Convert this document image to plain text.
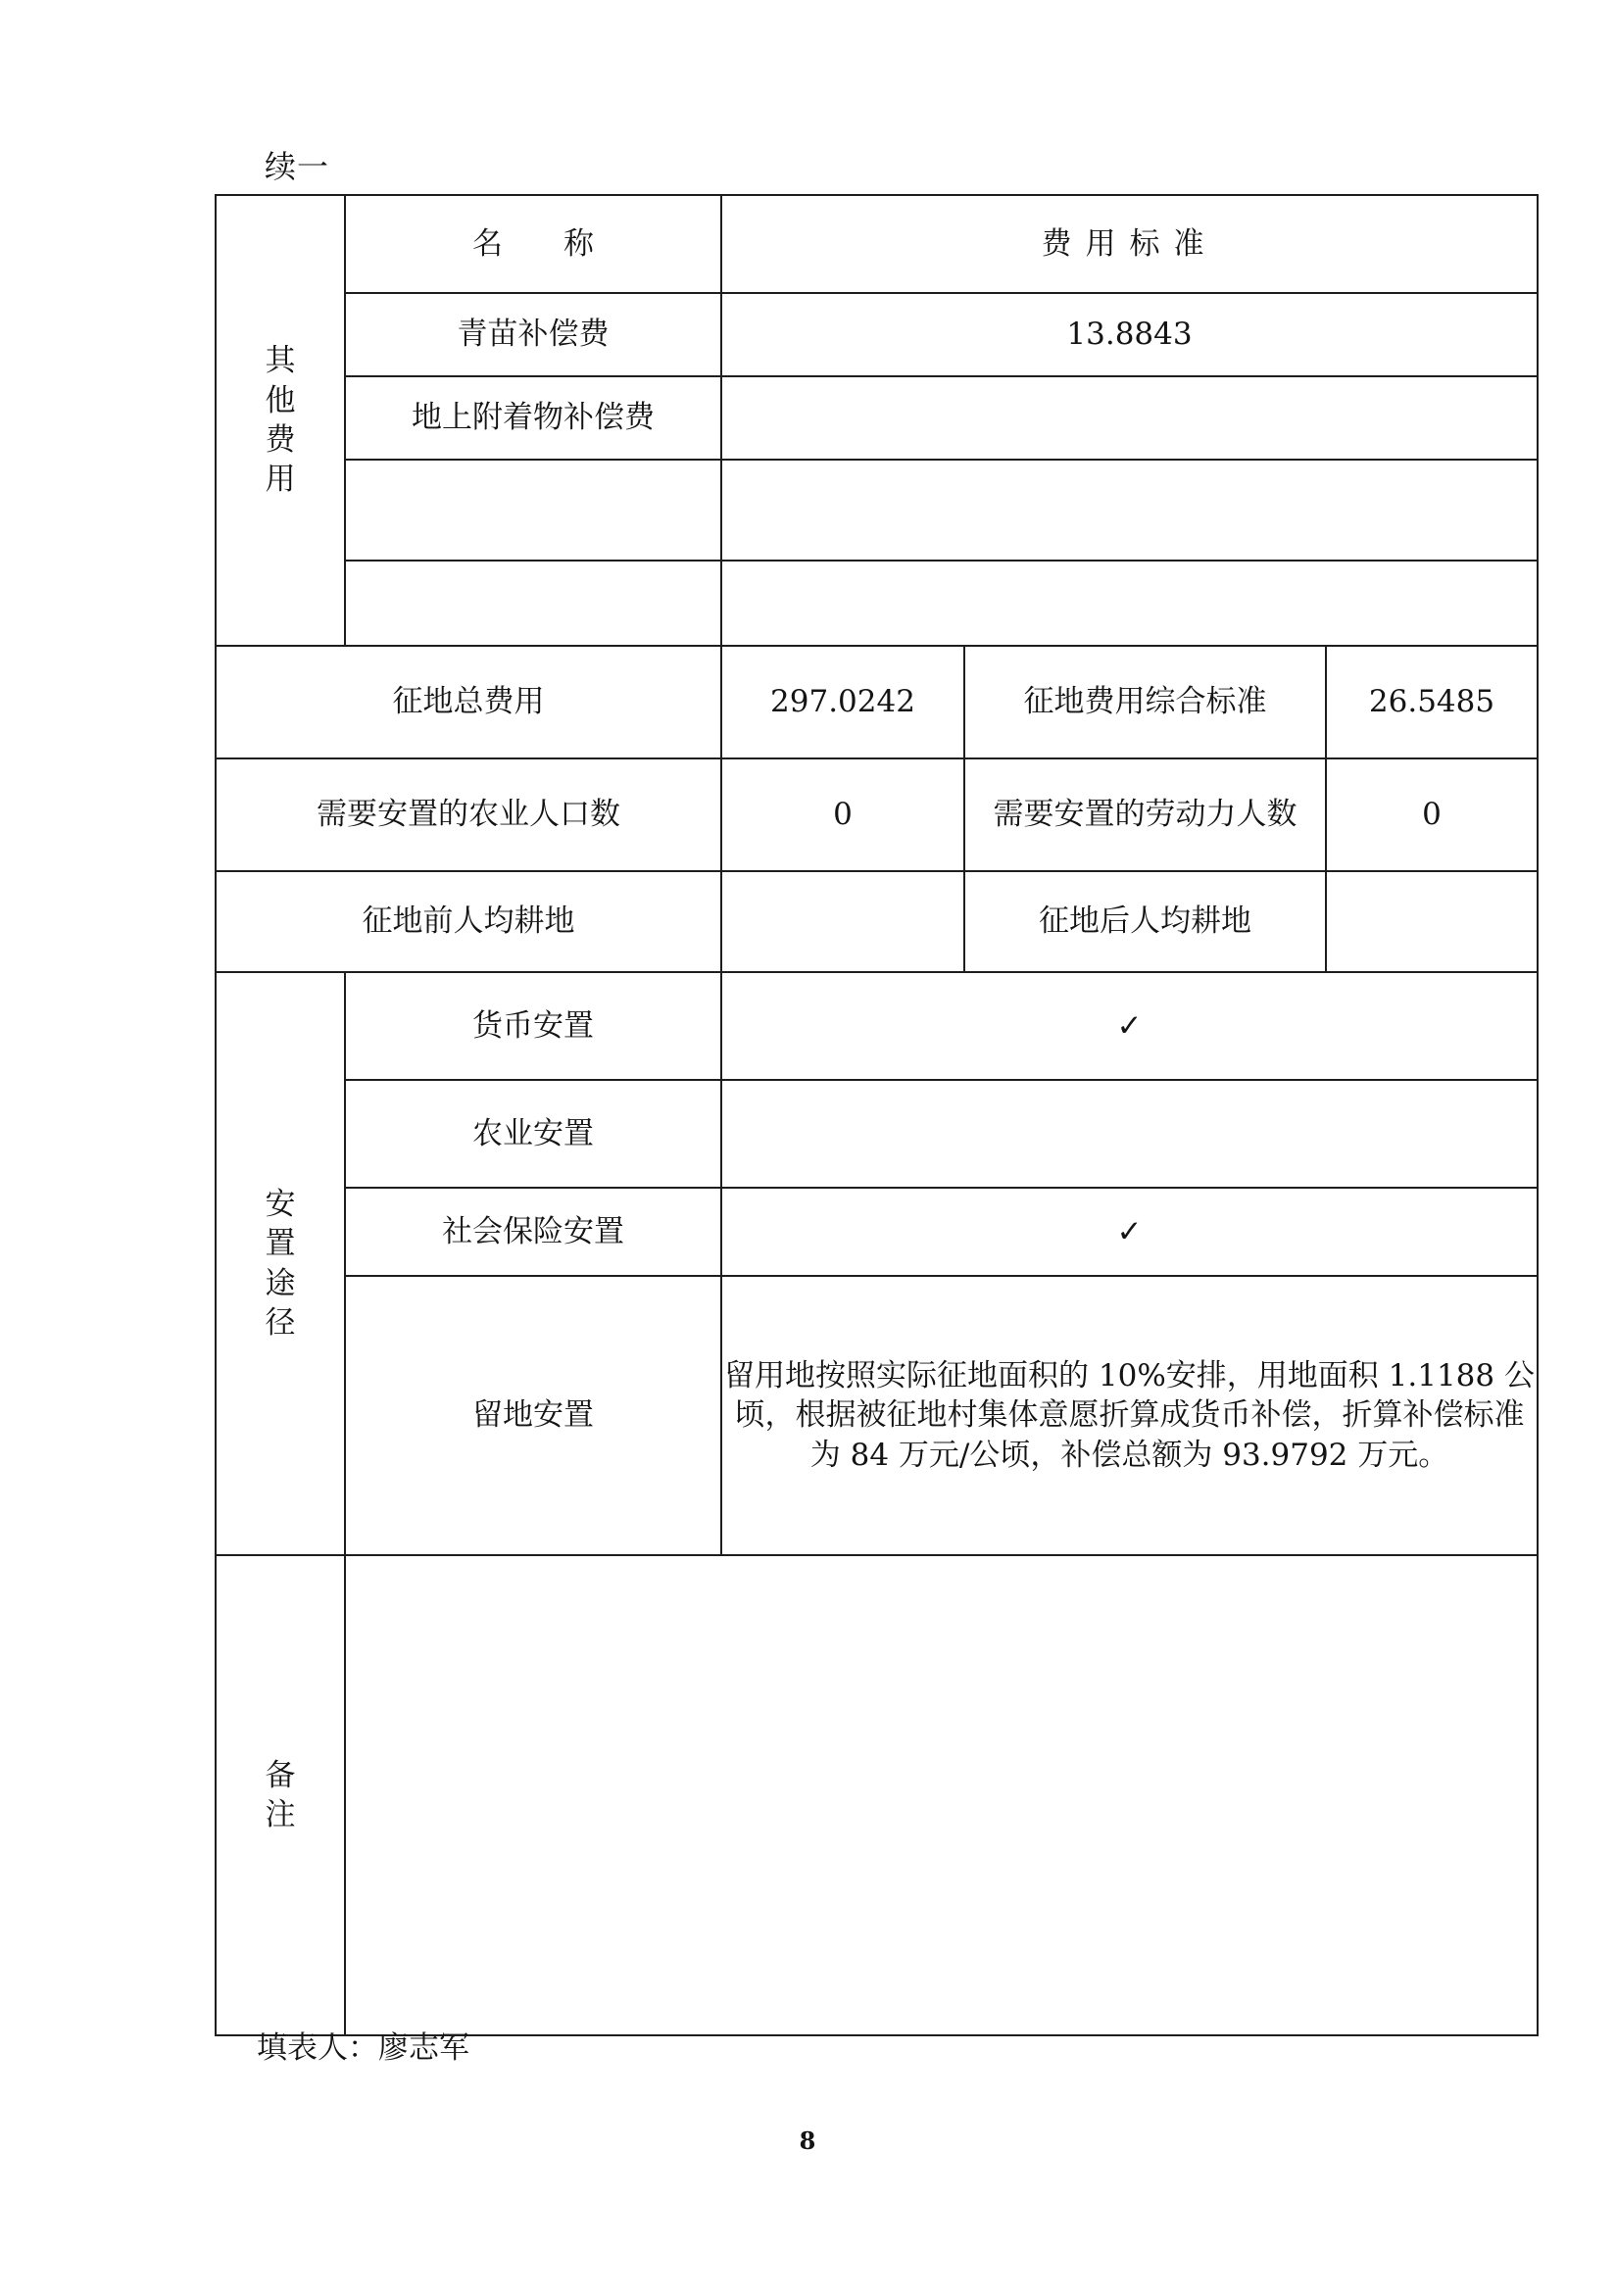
续一
其
他
费
用	名 称	费用标准		
	青苗补偿费	13.8843		
	地上附着物补偿费			

征地总费用		297.0242	征地费用综合标准	26.5485
需要安置的农业人口数		0	需要安置的劳动力人数	0
征地前人均耕地			征地后人均耕地	

安
置
途
径	货币安置	✓		
	农业安置			
	社会保险安置	✓		
	留地安置	留用地按照实际征地面积的 10%安排，用地面积 1.1188 公顷，根据被征地村集体意愿折算成货币补偿，折算补偿标准为 84 万元/公顷，补偿总额为 93.9792 万元。		

备
注				

填表人：廖志军
8
